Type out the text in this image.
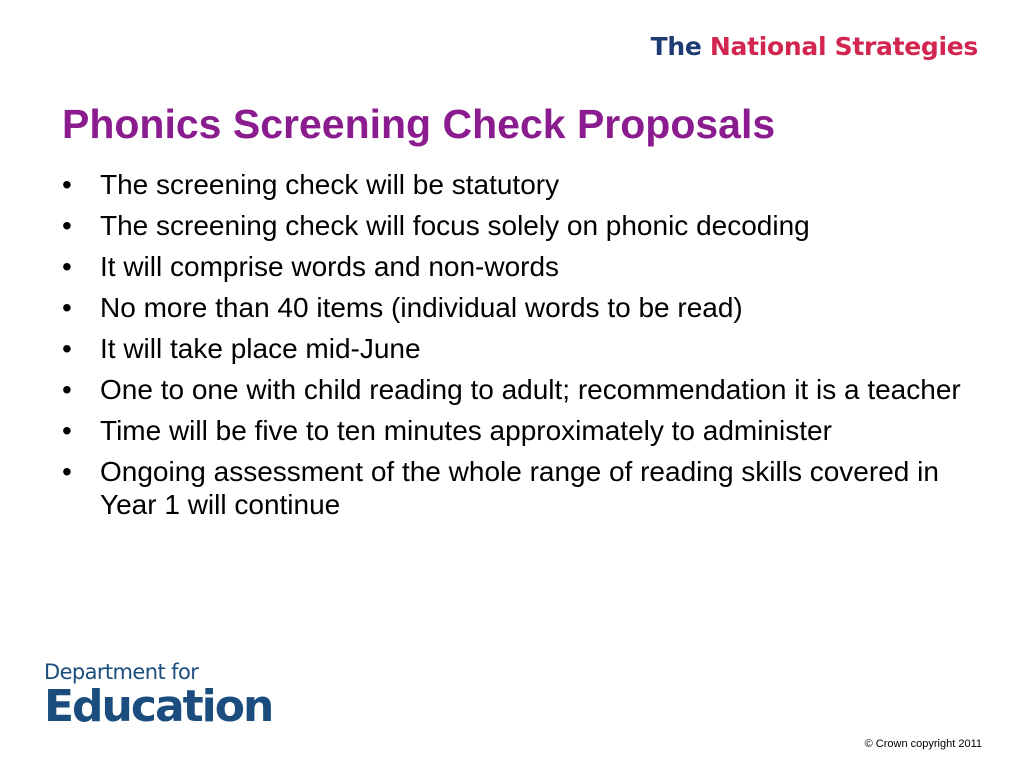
The National Strategies
Phonics Screening Check Proposals
• The screening check will be statutory
• The screening check will focus solely on phonic decoding
• It will comprise words and non-words
• No more than 40 items (individual words to be read)
• It will take place mid-June
• One to one with child reading to adult; recommendation it is a teacher
• Time will be five to ten minutes approximately to administer
• Ongoing assessment of the whole range of reading skills covered in Year 1 will continue
Department for
Education
© Crown copyright 2011
